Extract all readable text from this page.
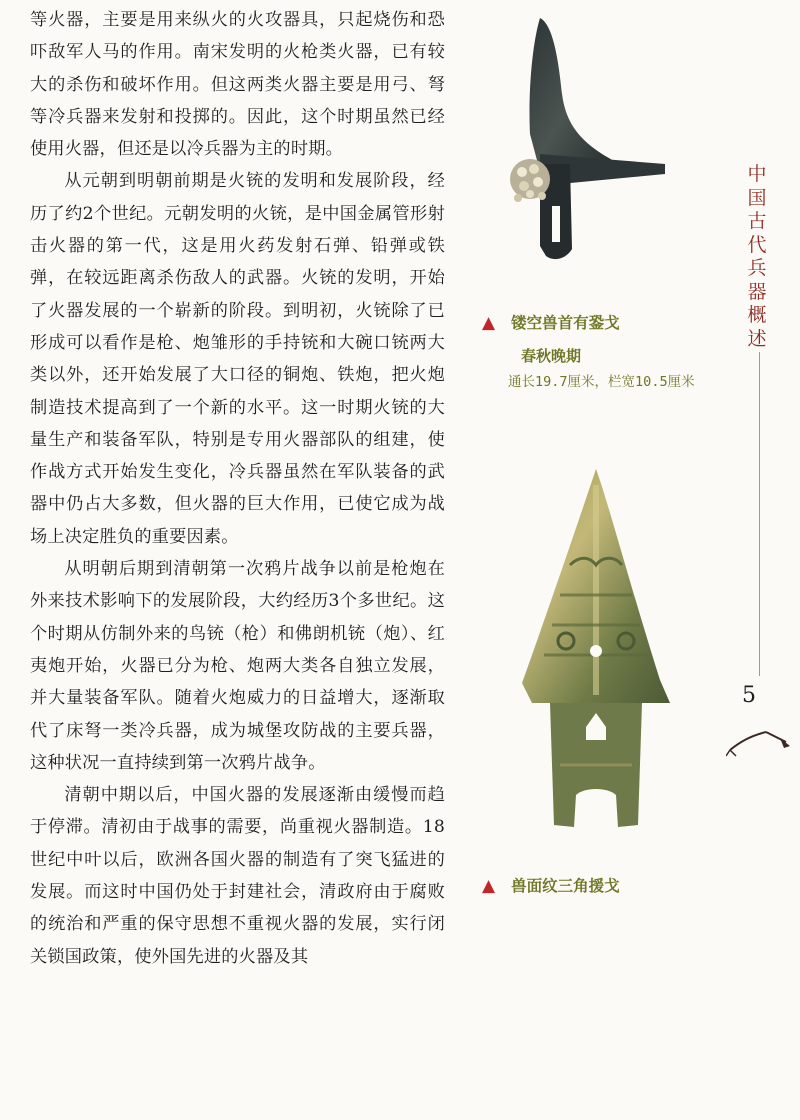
等火器，主要是用来纵火的火攻器具，只起烧伤和恐吓敌军人马的作用。南宋发明的火枪类火器，已有较大的杀伤和破坏作用。但这两类火器主要是用弓、弩等冷兵器来发射和投掷的。因此，这个时期虽然已经使用火器，但还是以冷兵器为主的时期。

从元朝到明朝前期是火铳的发明和发展阶段，经历了约2个世纪。元朝发明的火铳，是中国金属管形射击火器的第一代，这是用火药发射石弹、铅弹或铁弹，在较远距离杀伤敌人的武器。火铳的发明，开始了火器发展的一个崭新的阶段。到明初，火铳除了已形成可以看作是枪、炮雏形的手持铳和大碗口铳两大类以外，还开始发展了大口径的铜炮、铁炮，把火炮制造技术提高到了一个新的水平。这一时期火铳的大量生产和装备军队，特别是专用火器部队的组建，使作战方式开始发生变化，冷兵器虽然在军队装备的武器中仍占大多数，但火器的巨大作用，已使它成为战场上决定胜负的重要因素。

从明朝后期到清朝第一次鸦片战争以前是枪炮在外来技术影响下的发展阶段，大约经历3个多世纪。这个时期从仿制外来的鸟铳（枪）和佛朗机铳（炮）、红夷炮开始，火器已分为枪、炮两大类各自独立发展，并大量装备军队。随着火炮威力的日益增大，逐渐取代了床弩一类冷兵器，成为城堡攻防战的主要兵器，这种状况一直持续到第一次鸦片战争。

清朝中期以后，中国火器的发展逐渐由缓慢而趋于停滞。清初由于战事的需要，尚重视火器制造。18世纪中叶以后，欧洲各国火器的制造有了突飞猛进的发展。而这时中国仍处于封建社会，清政府由于腐败的统治和严重的保守思想不重视火器的发展，实行闭关锁国政策，使外国先进的火器及其

▲ 镂空兽首有銎戈
春秋晚期
通长19.7厘米，栏宽10.5厘米
▲ 兽面纹三角援戈
中
国
古
代
兵
器
概
述
5
